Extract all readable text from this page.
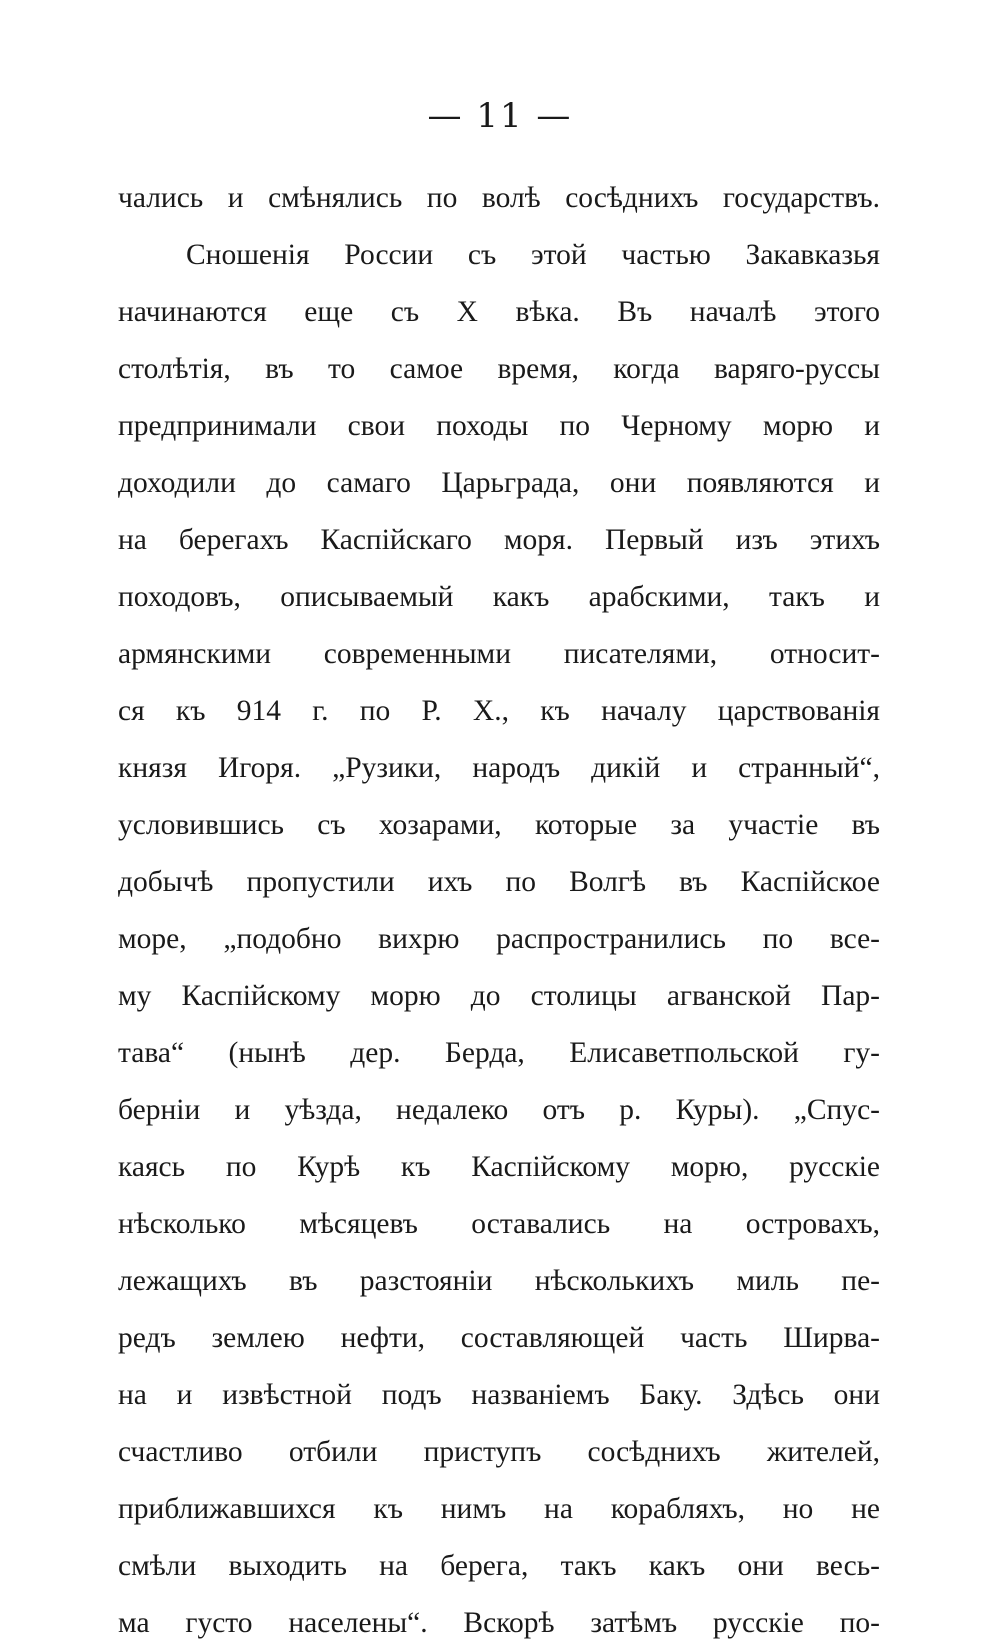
— 11 —
чались и смѣнялись по волѣ сосѣднихъ государствъ.
Сношенія России съ этой частью Закавказья
начинаются еще съ X вѣка. Въ началѣ этого
столѣтія, въ то самое время, когда варяго-руссы
предпринимали свои походы по Черному морю и
доходили до самаго Царьграда, они появляются и
на берегахъ Каспійскаго моря. Первый изъ этихъ
походовъ, описываемый какъ арабскими, такъ и
армянскими современными писателями, относит-
ся къ 914 г. по Р. X., къ началу царствованія
князя Игоря. „Рузики, народъ дикій и странный“,
условившись съ хозарами, которые за участіе въ
добычѣ пропустили ихъ по Волгѣ въ Каспійское
море, „подобно вихрю распространились по все-
му Каспійскому морю до столицы агванской Пар-
тава“ (нынѣ дер. Берда, Елисаветпольской гу-
берніи и уѣзда, недалеко отъ р. Куры). „Спус-
каясь по Курѣ къ Каспійскому морю, русскіе
нѣсколько мѣсяцевъ оставались на островахъ,
лежащихъ въ разстояніи нѣсколькихъ миль пе-
редъ землею нефти, составляющей часть Ширва-
на и извѣстной подъ названіемъ Баку. Здѣсь они
счастливо отбили приступъ сосѣднихъ жителей,
приближавшихся къ нимъ на корабляхъ, но не
смѣли выходить на берега, такъ какъ они весь-
ма густо населены“. Вскорѣ затѣмъ русскіе по-
